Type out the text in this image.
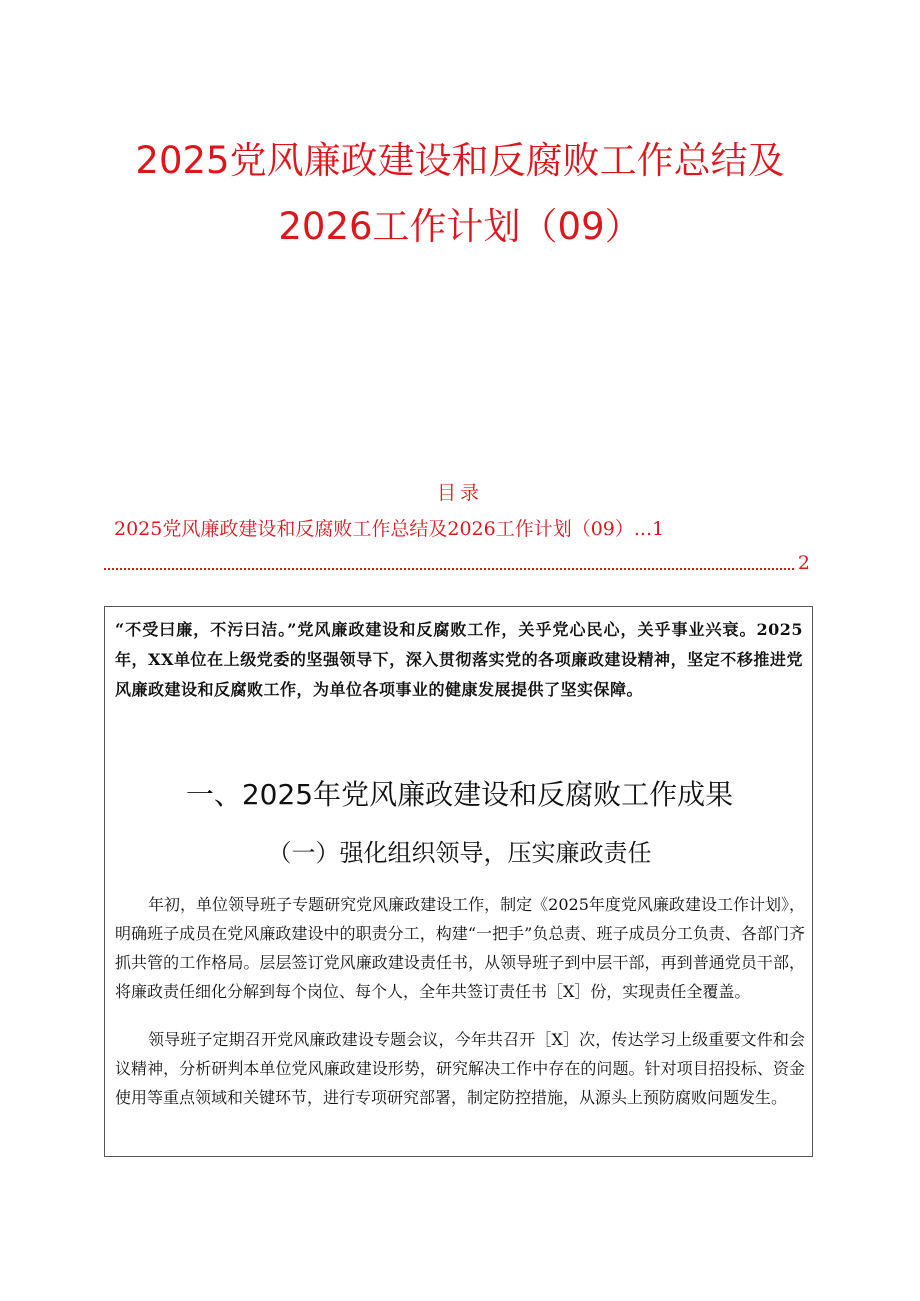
2025党风廉政建设和反腐败工作总结及
2026工作计划（09）
目录
2025党风廉政建设和反腐败工作总结及2026工作计划（09）...1
2

“不受曰廉，不污曰洁。”党风廉政建设和反腐败工作，关乎党心民心，关乎事业兴衰。2025年，XX单位在上级党委的坚强领导下，深入贯彻落实党的各项廉政建设精神，坚定不移推进党风廉政建设和反腐败工作，为单位各项事业的健康发展提供了坚实保障。

一、2025年党风廉政建设和反腐败工作成果
（一）强化组织领导，压实廉政责任

年初，单位领导班子专题研究党风廉政建设工作，制定《2025年度党风廉政建设工作计划》，明确班子成员在党风廉政建设中的职责分工，构建“一把手”负总责、班子成员分工负责、各部门齐抓共管的工作格局。层层签订党风廉政建设责任书，从领导班子到中层干部，再到普通党员干部，将廉政责任细化分解到每个岗位、每个人，全年共签订责任书［X］份，实现责任全覆盖。

领导班子定期召开党风廉政建设专题会议，今年共召开［X］次，传达学习上级重要文件和会议精神，分析研判本单位党风廉政建设形势，研究解决工作中存在的问题。针对项目招投标、资金使用等重点领域和关键环节，进行专项研究部署，制定防控措施，从源头上预防腐败问题发生。
